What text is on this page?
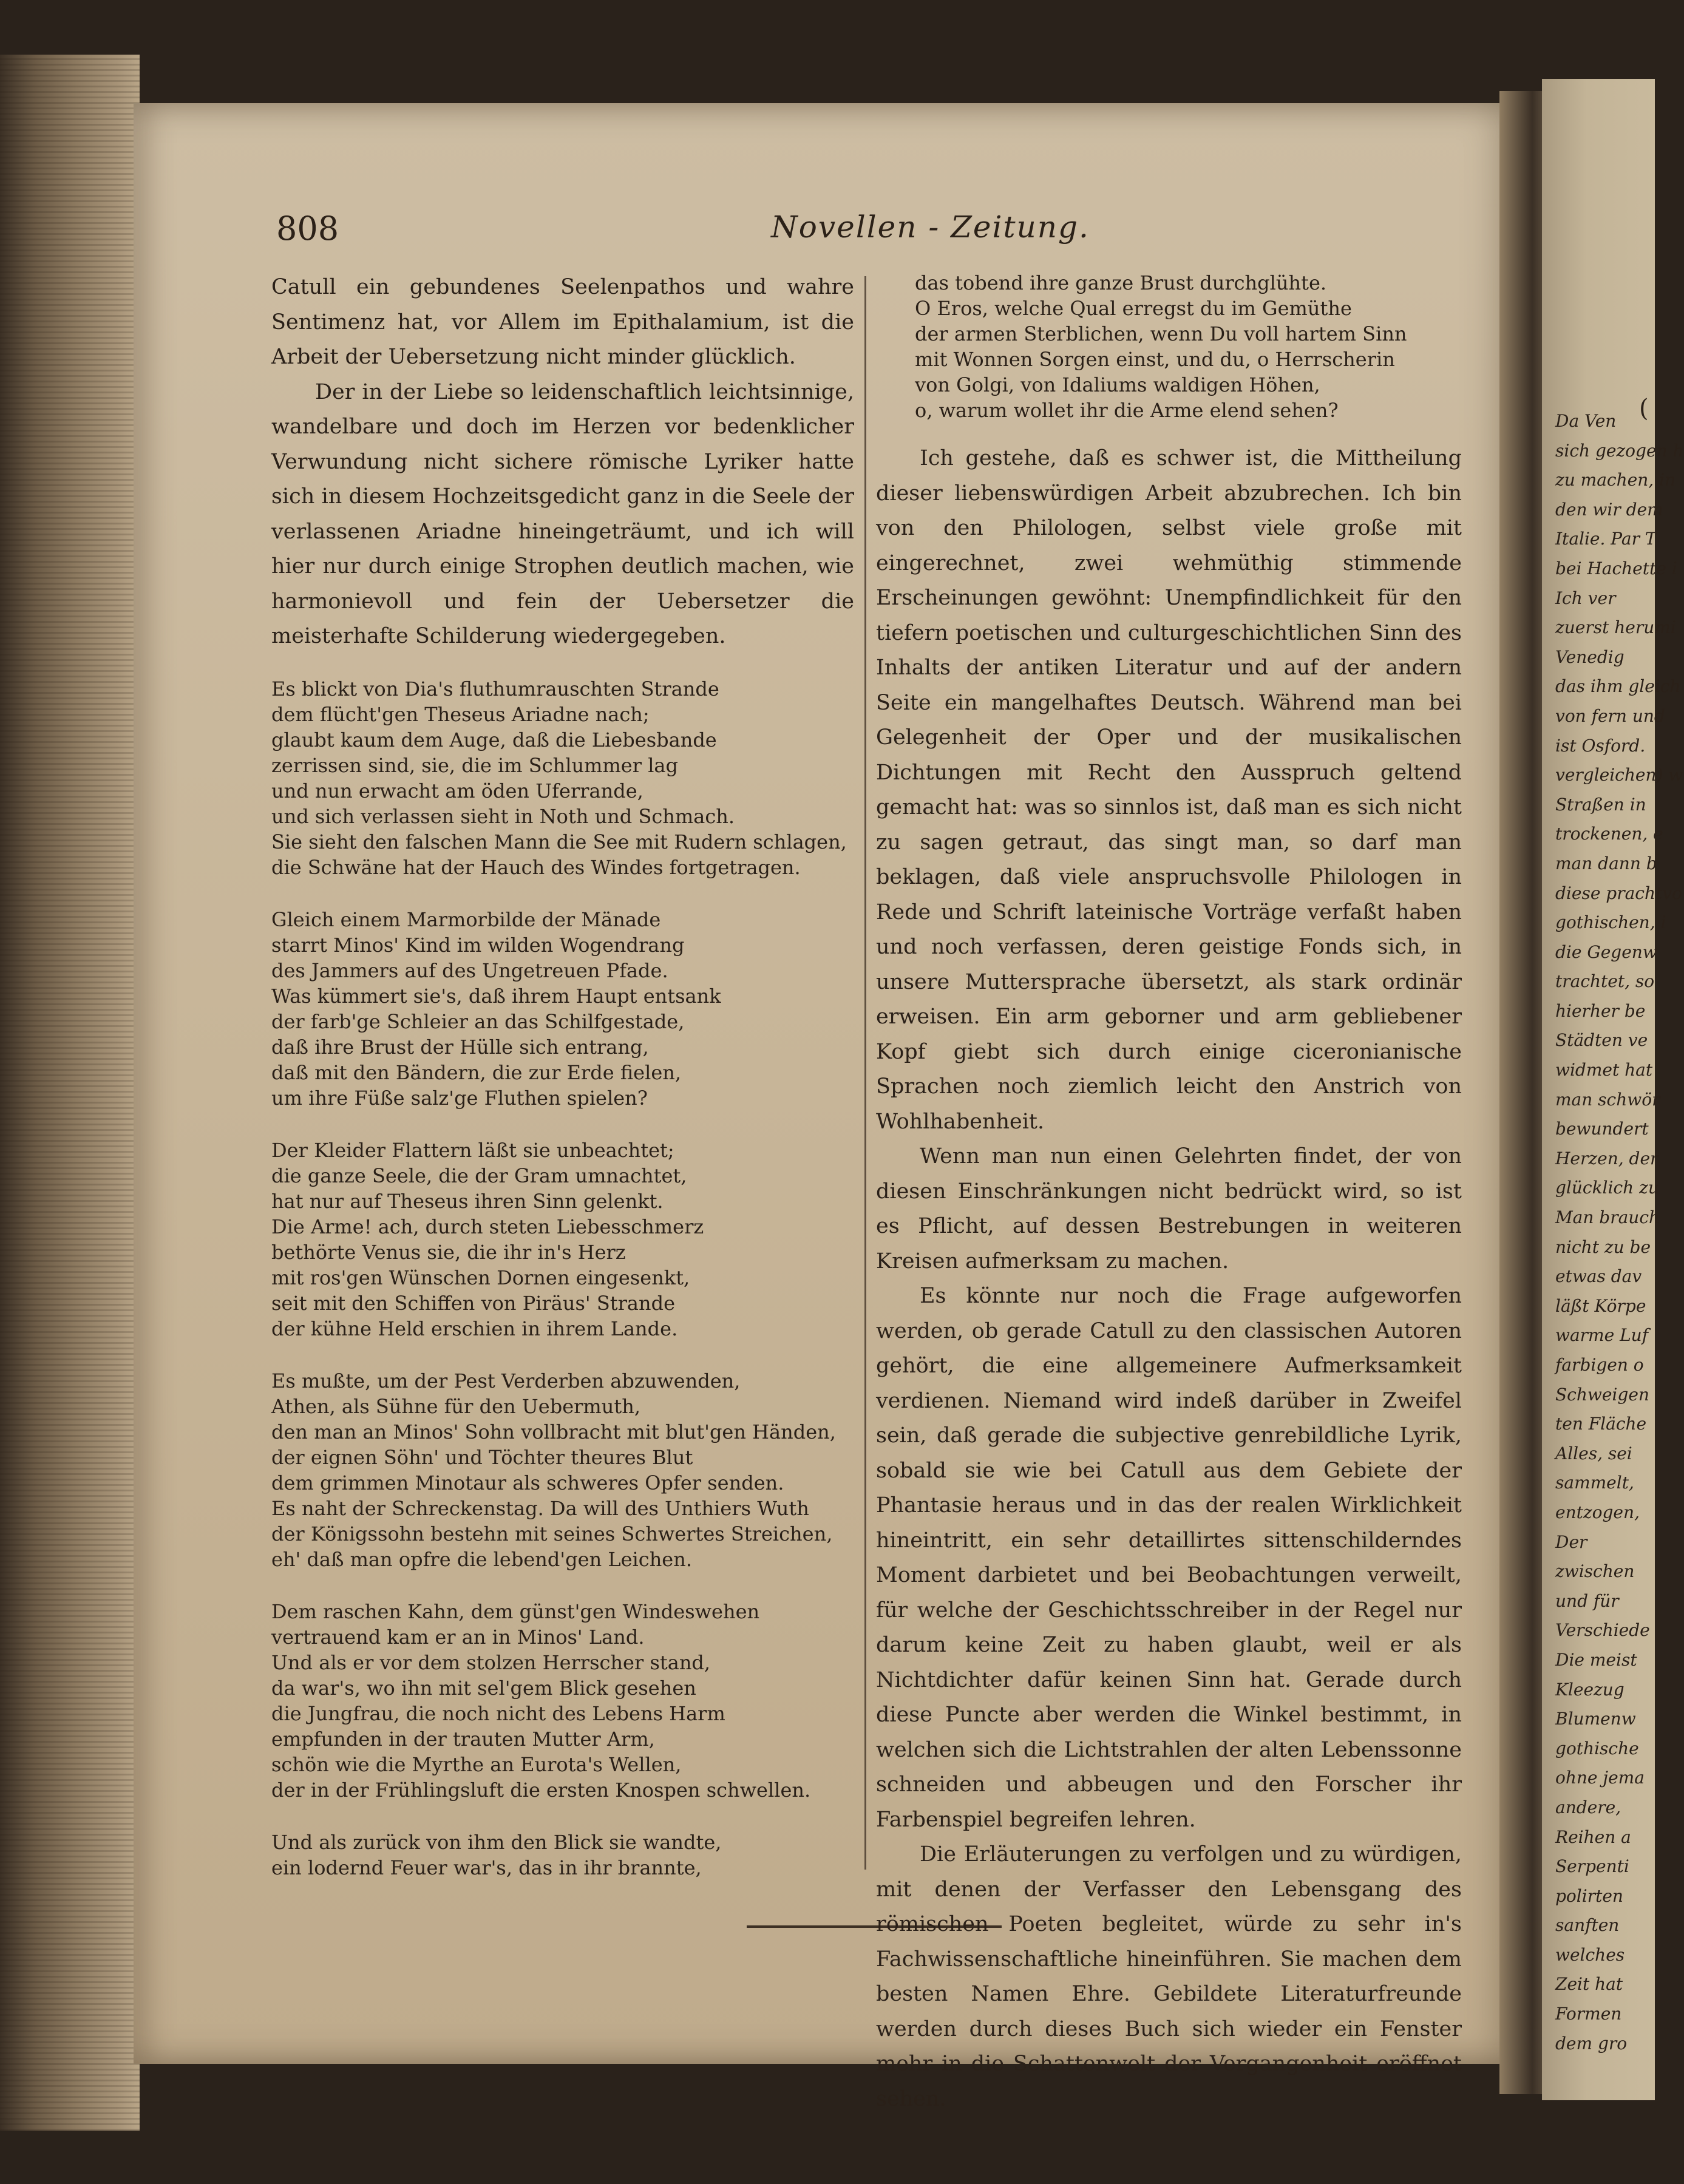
808	Novellen - Zeitung.

Catull ein gebundenes Seelenpathos und wahre Sentimenz hat, vor Allem im Epithalamium, ist die Arbeit der Uebersetzung nicht minder glücklich.

Der in der Liebe so leidenschaftlich leichtsinnige, wandelbare und doch im Herzen vor bedenklicher Verwundung nicht sichere römische Lyriker hatte sich in diesem Hochzeitsgedicht ganz in die Seele der verlassenen Ariadne hineingeträumt, und ich will hier nur durch einige Strophen deutlich machen, wie harmonievoll und fein der Uebersetzer die meisterhafte Schilderung wiedergegeben.

Es blickt von Dia's fluthumrauschten Strande
dem flücht'gen Theseus Ariadne nach;
glaubt kaum dem Auge, daß die Liebesbande
zerrissen sind, sie, die im Schlummer lag
und nun erwacht am öden Uferrande,
und sich verlassen sieht in Noth und Schmach.
Sie sieht den falschen Mann die See mit Rudern schlagen,
die Schwäne hat der Hauch des Windes fortgetragen.
Gleich einem Marmorbilde der Mänade
starrt Minos' Kind im wilden Wogendrang
des Jammers auf des Ungetreuen Pfade.
Was kümmert sie's, daß ihrem Haupt entsank
der farb'ge Schleier an das Schilfgestade,
daß ihre Brust der Hülle sich entrang,
daß mit den Bändern, die zur Erde fielen,
um ihre Füße salz'ge Fluthen spielen?
Der Kleider Flattern läßt sie unbeachtet;
die ganze Seele, die der Gram umnachtet,
hat nur auf Theseus ihren Sinn gelenkt.
Die Arme! ach, durch steten Liebesschmerz
bethörte Venus sie, die ihr in's Herz
mit ros'gen Wünschen Dornen eingesenkt,
seit mit den Schiffen von Piräus' Strande
der kühne Held erschien in ihrem Lande.
Es mußte, um der Pest Verderben abzuwenden,
Athen, als Sühne für den Uebermuth,
den man an Minos' Sohn vollbracht mit blut'gen Händen,
der eignen Söhn' und Töchter theures Blut
dem grimmen Minotaur als schweres Opfer senden.
Es naht der Schreckenstag. Da will des Unthiers Wuth
der Königssohn bestehn mit seines Schwertes Streichen,
eh' daß man opfre die lebend'gen Leichen.
Dem raschen Kahn, dem günst'gen Windeswehen
vertrauend kam er an in Minos' Land.
Und als er vor dem stolzen Herrscher stand,
da war's, wo ihn mit sel'gem Blick gesehen
die Jungfrau, die noch nicht des Lebens Harm
empfunden in der trauten Mutter Arm,
schön wie die Myrthe an Eurota's Wellen,
der in der Frühlingsluft die ersten Knospen schwellen.
Und als zurück von ihm den Blick sie wandte,
ein lodernd Feuer war's, das in ihr brannte,
das tobend ihre ganze Brust durchglühte.
O Eros, welche Qual erregst du im Gemüthe
der armen Sterblichen, wenn Du voll hartem Sinn
mit Wonnen Sorgen einst, und du, o Herrscherin
von Golgi, von Idaliums waldigen Höhen,
o, warum wollet ihr die Arme elend sehen?

Ich gestehe, daß es schwer ist, die Mittheilung dieser liebenswürdigen Arbeit abzubrechen. Ich bin von den Philologen, selbst viele große mit eingerechnet, zwei wehmüthig stimmende Erscheinungen gewöhnt: Unempfindlichkeit für den tiefern poetischen und culturgeschichtlichen Sinn des Inhalts der antiken Literatur und auf der andern Seite ein mangelhaftes Deutsch. Während man bei Gelegenheit der Oper und der musikalischen Dichtungen mit Recht den Ausspruch geltend gemacht hat: was so sinnlos ist, daß man es sich nicht zu sagen getraut, das singt man, so darf man beklagen, daß viele anspruchsvolle Philologen in Rede und Schrift lateinische Vorträge verfaßt haben und noch verfassen, deren geistige Fonds sich, in unsere Muttersprache übersetzt, als stark ordinär erweisen. Ein arm geborner und arm gebliebener Kopf giebt sich durch einige ciceronianische Sprachen noch ziemlich leicht den Anstrich von Wohlhabenheit.

Wenn man nun einen Gelehrten findet, der von diesen Einschränkungen nicht bedrückt wird, so ist es Pflicht, auf dessen Bestrebungen in weiteren Kreisen aufmerksam zu machen.

Es könnte nur noch die Frage aufgeworfen werden, ob gerade Catull zu den classischen Autoren gehört, die eine allgemeinere Aufmerksamkeit verdienen. Niemand wird indeß darüber in Zweifel sein, daß gerade die subjective genrebildliche Lyrik, sobald sie wie bei Catull aus dem Gebiete der Phantasie heraus und in das der realen Wirklichkeit hineintritt, ein sehr detaillirtes sittenschilderndes Moment darbietet und bei Beobachtungen verweilt, für welche der Geschichtsschreiber in der Regel nur darum keine Zeit zu haben glaubt, weil er als Nichtdichter dafür keinen Sinn hat. Gerade durch diese Puncte aber werden die Winkel bestimmt, in welchen sich die Lichtstrahlen der alten Lebenssonne schneiden und abbeugen und den Forscher ihr Farbenspiel begreifen lehren.

Die Erläuterungen zu verfolgen und zu würdigen, mit denen der Verfasser den Lebensgang des römischen Poeten begleitet, würde zu sehr in's Fachwissenschaftliche hineinführen. Sie machen dem besten Namen Ehre. Gebildete Literaturfreunde werden durch dieses Buch sich wieder ein Fenster mehr in die Schattenwelt der Vergangenheit eröffnet sehen.

(
Da Ven
sich gezogen h
zu machen, in
den wir dem
Italie. Par T
bei Hachette i
Ich ver
zuerst herumi
Venedig
das ihm gleich
von fern und
ist Osford.
vergleichen) w
Straßen in
trockenen, e
man dann b
diese prachtvo
gothischen, i
die Gegenw
trachtet, so
hierher be
Städten ve
widmet hat
man schwör
bewundert
Herzen, der
glücklich zu
Man brauch
nicht zu be
etwas dav
läßt Körpe
warme Luf
farbigen o
Schweigen
ten Fläche
Alles, sei
sammelt,
entzogen,
Der
zwischen
und für
Verschiede
Die meist
Kleezug
Blumenw
gothische
ohne jema
andere,
Reihen a
Serpenti
polirten
sanften
welches
Zeit hat
Formen
dem gro
